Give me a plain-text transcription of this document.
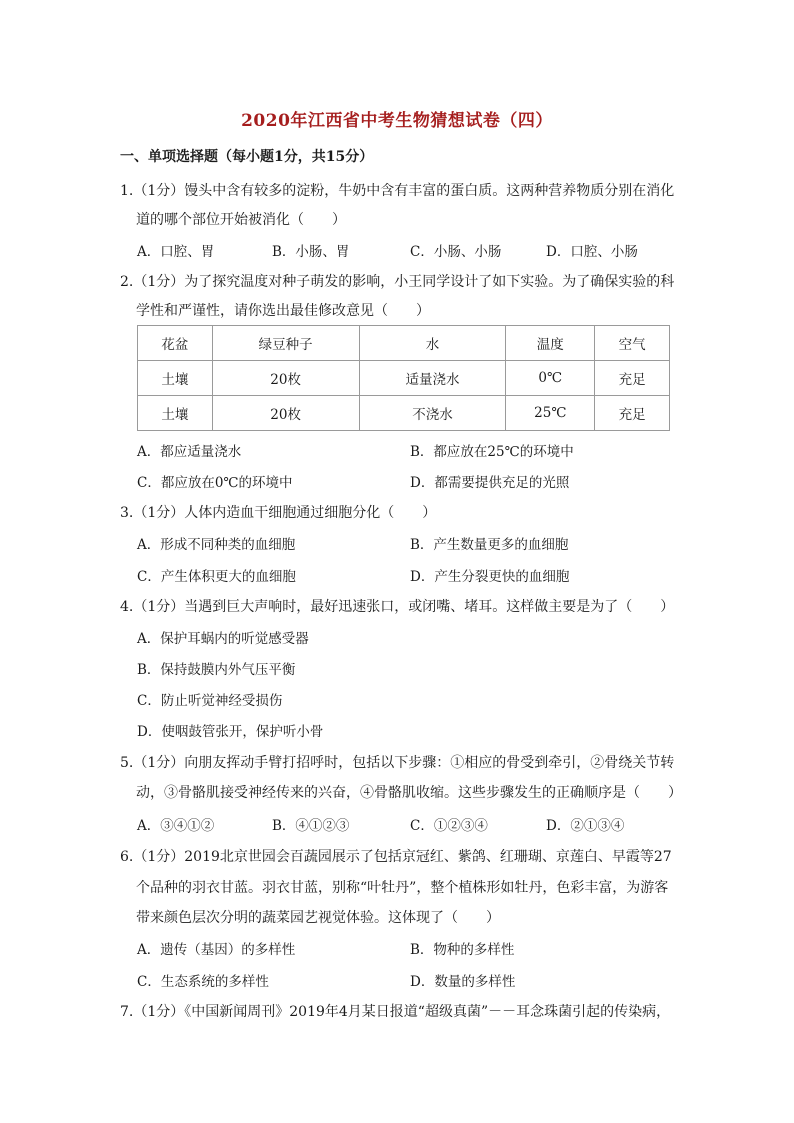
2020年江西省中考生物猜想试卷（四）
一、单项选择题（每小题1分，共15分）
1.（1分）馒头中含有较多的淀粉，牛奶中含有丰富的蛋白质。这两种营养物质分别在消化
道的哪个部位开始被消化（　　）
A．口腔、胃	B．小肠、胃	C．小肠、小肠	D．口腔、小肠
2.（1分）为了探究温度对种子萌发的影响，小王同学设计了如下实验。为了确保实验的科
学性和严谨性，请你选出最佳修改意见（　　）
花盆	绿豆种子	水	温度	空气
土壤	20枚	适量浇水	0℃	充足
土壤	20枚	不浇水	25℃	充足
A．都应适量浇水	B．都应放在25℃的环境中
C．都应放在0℃的环境中	D．都需要提供充足的光照
3.（1分）人体内造血干细胞通过细胞分化（　　）
A．形成不同种类的血细胞	B．产生数量更多的血细胞
C．产生体积更大的血细胞	D．产生分裂更快的血细胞
4.（1分）当遇到巨大声响时，最好迅速张口，或闭嘴、堵耳。这样做主要是为了（　　）
A．保护耳蜗内的听觉感受器
B．保持鼓膜内外气压平衡
C．防止听觉神经受损伤
D．使咽鼓管张开，保护听小骨
5.（1分）向朋友挥动手臂打招呼时，包括以下步骤：①相应的骨受到牵引，②骨绕关节转
动，③骨骼肌接受神经传来的兴奋，④骨骼肌收缩。这些步骤发生的正确顺序是（　　）
A．③④①②	B．④①②③	C．①②③④	D．②①③④
6.（1分）2019北京世园会百蔬园展示了包括京冠红、紫鸽、红珊瑚、京莲白、早霞等27
个品种的羽衣甘蓝。羽衣甘蓝，别称“叶牡丹”，整个植株形如牡丹，色彩丰富，为游客
带来颜色层次分明的蔬菜园艺视觉体验。这体现了（　　）
A．遗传（基因）的多样性	B．物种的多样性
C．生态系统的多样性	D．数量的多样性
7.（1分）《中国新闻周刊》2019年4月某日报道“超级真菌”－－耳念珠菌引起的传染病，
